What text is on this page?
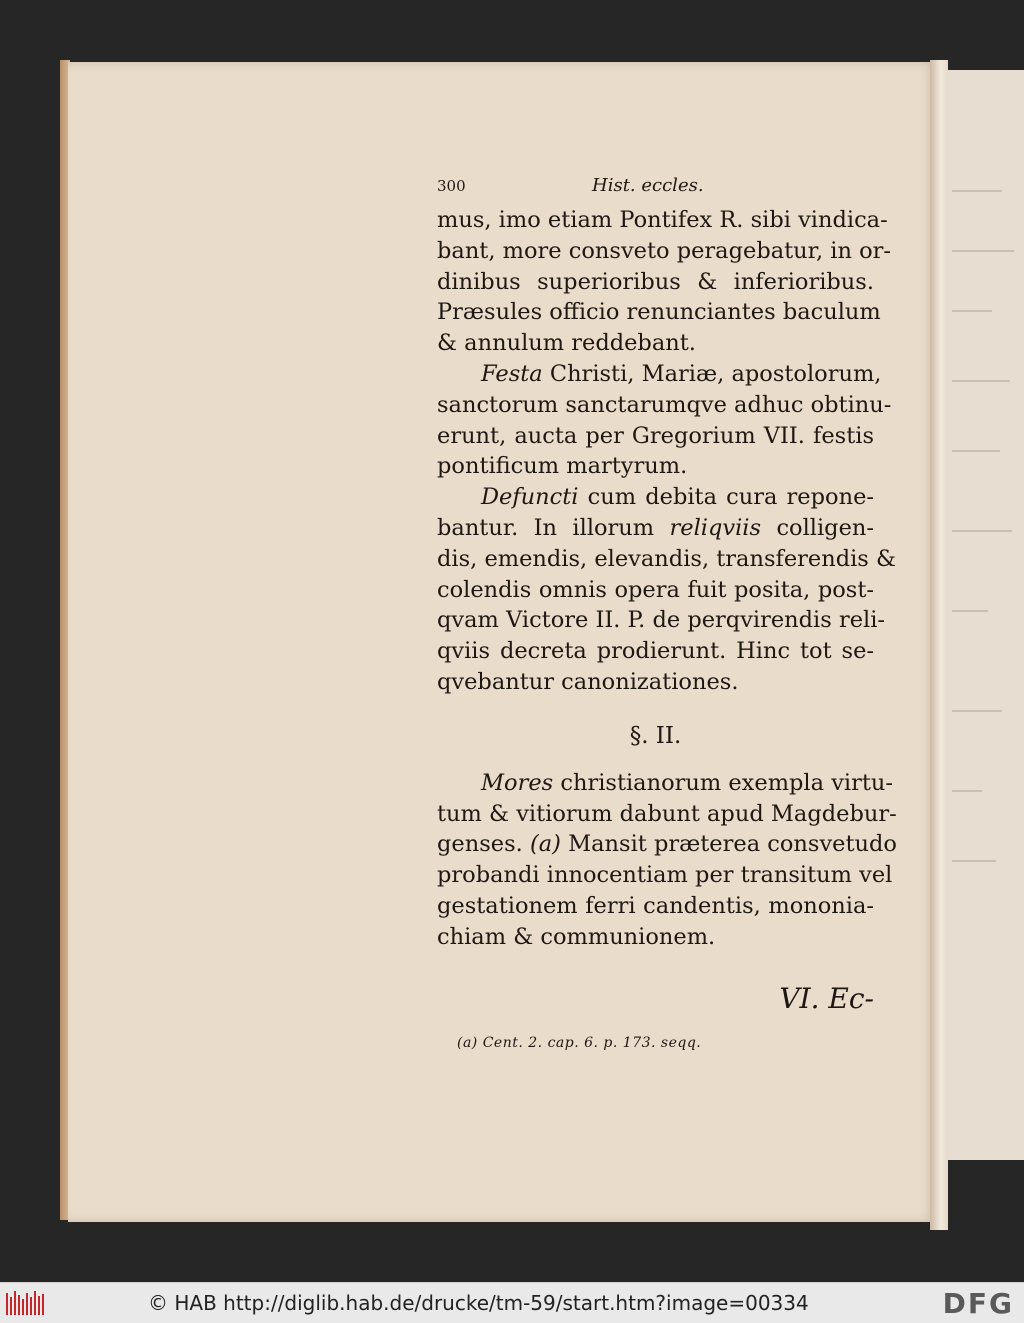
300	Hist. eccles.
mus, imo etiam Pontifex R. sibi vindica-
bant, more consveto peragebatur, in or-
dinibus superioribus & inferioribus.
Præsules officio renunciantes baculum
& annulum reddebant.
Festa Christi, Mariæ, apostolorum,
sanctorum sanctarumqve adhuc obtinu-
erunt, aucta per Gregorium VII. festis
pontificum martyrum.
Defuncti cum debita cura repone-
bantur. In illorum reliqviis colligen-
dis, emendis, elevandis, transferendis &
colendis omnis opera fuit posita, post-
qvam Victore II. P. de perqvirendis reli-
qviis decreta prodierunt. Hinc tot se-
qvebantur canonizationes.
§. II.
Mores christianorum exempla virtu-
tum & vitiorum dabunt apud Magdebur-
genses. (a) Mansit præterea consvetudo
probandi innocentiam per transitum vel
gestationem ferri candentis, mononia-
chiam & communionem.
VI. Ec-
(a) Cent. 2. cap. 6. p. 173. seqq.
© HAB http://diglib.hab.de/drucke/tm-59/start.htm?image=00334	DFG
